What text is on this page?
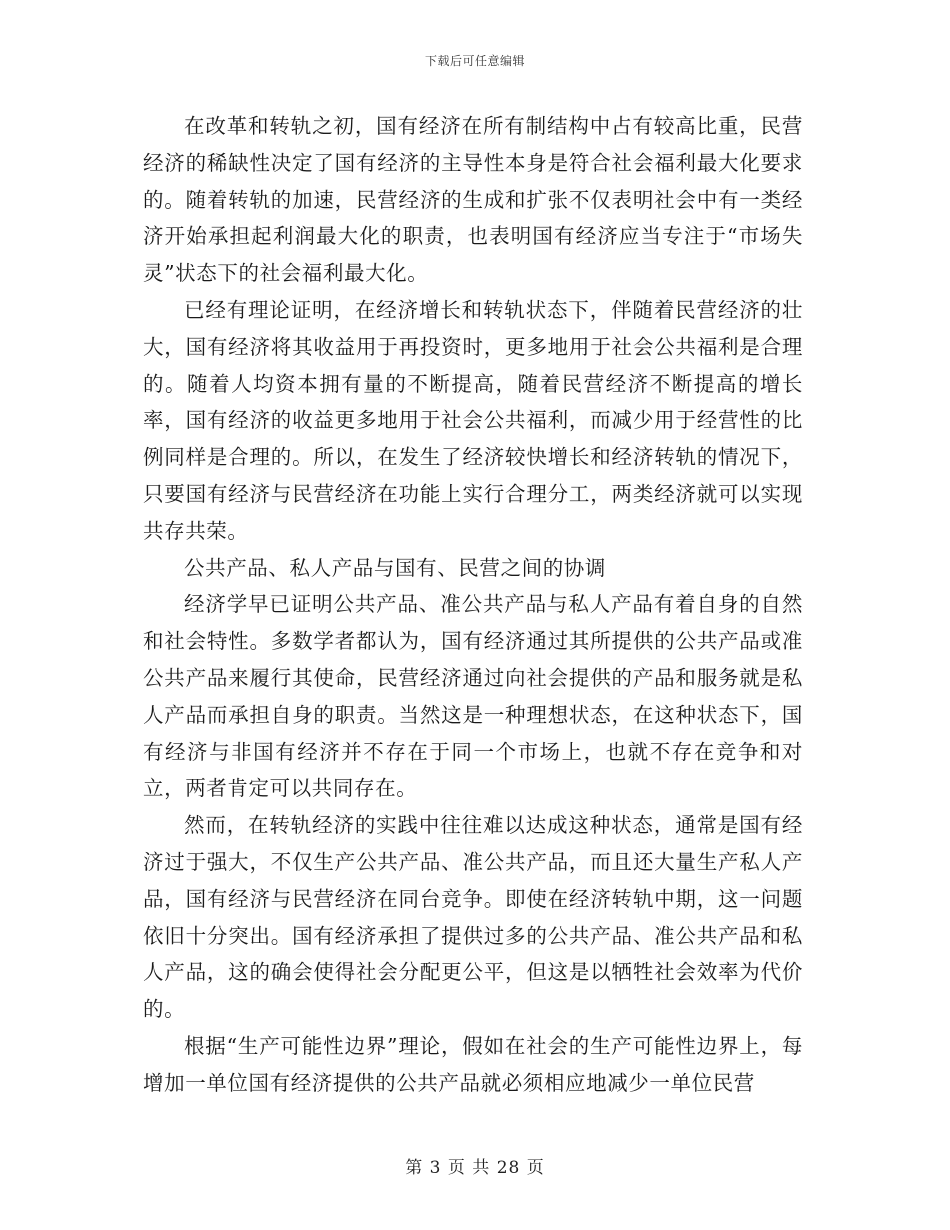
下载后可任意编辑

在改革和转轨之初，国有经济在所有制结构中占有较高比重，民营经济的稀缺性决定了国有经济的主导性本身是符合社会福利最大化要求的。随着转轨的加速，民营经济的生成和扩张不仅表明社会中有一类经济开始承担起利润最大化的职责，也表明国有经济应当专注于“市场失灵”状态下的社会福利最大化。

已经有理论证明，在经济增长和转轨状态下，伴随着民营经济的壮大，国有经济将其收益用于再投资时，更多地用于社会公共福利是合理的。随着人均资本拥有量的不断提高，随着民营经济不断提高的增长率，国有经济的收益更多地用于社会公共福利，而减少用于经营性的比例同样是合理的。所以，在发生了经济较快增长和经济转轨的情况下，只要国有经济与民营经济在功能上实行合理分工，两类经济就可以实现共存共荣。

公共产品、私人产品与国有、民营之间的协调

经济学早已证明公共产品、准公共产品与私人产品有着自身的自然和社会特性。多数学者都认为，国有经济通过其所提供的公共产品或准公共产品来履行其使命，民营经济通过向社会提供的产品和服务就是私人产品而承担自身的职责。当然这是一种理想状态，在这种状态下，国有经济与非国有经济并不存在于同一个市场上，也就不存在竞争和对立，两者肯定可以共同存在。

然而，在转轨经济的实践中往往难以达成这种状态，通常是国有经济过于强大，不仅生产公共产品、准公共产品，而且还大量生产私人产品，国有经济与民营经济在同台竞争。即使在经济转轨中期，这一问题依旧十分突出。国有经济承担了提供过多的公共产品、准公共产品和私人产品，这的确会使得社会分配更公平，但这是以牺牲社会效率为代价的。

根据“生产可能性边界”理论，假如在社会的生产可能性边界上，每增加一单位国有经济提供的公共产品就必须相应地减少一单位民营

第 3 页 共 28 页
